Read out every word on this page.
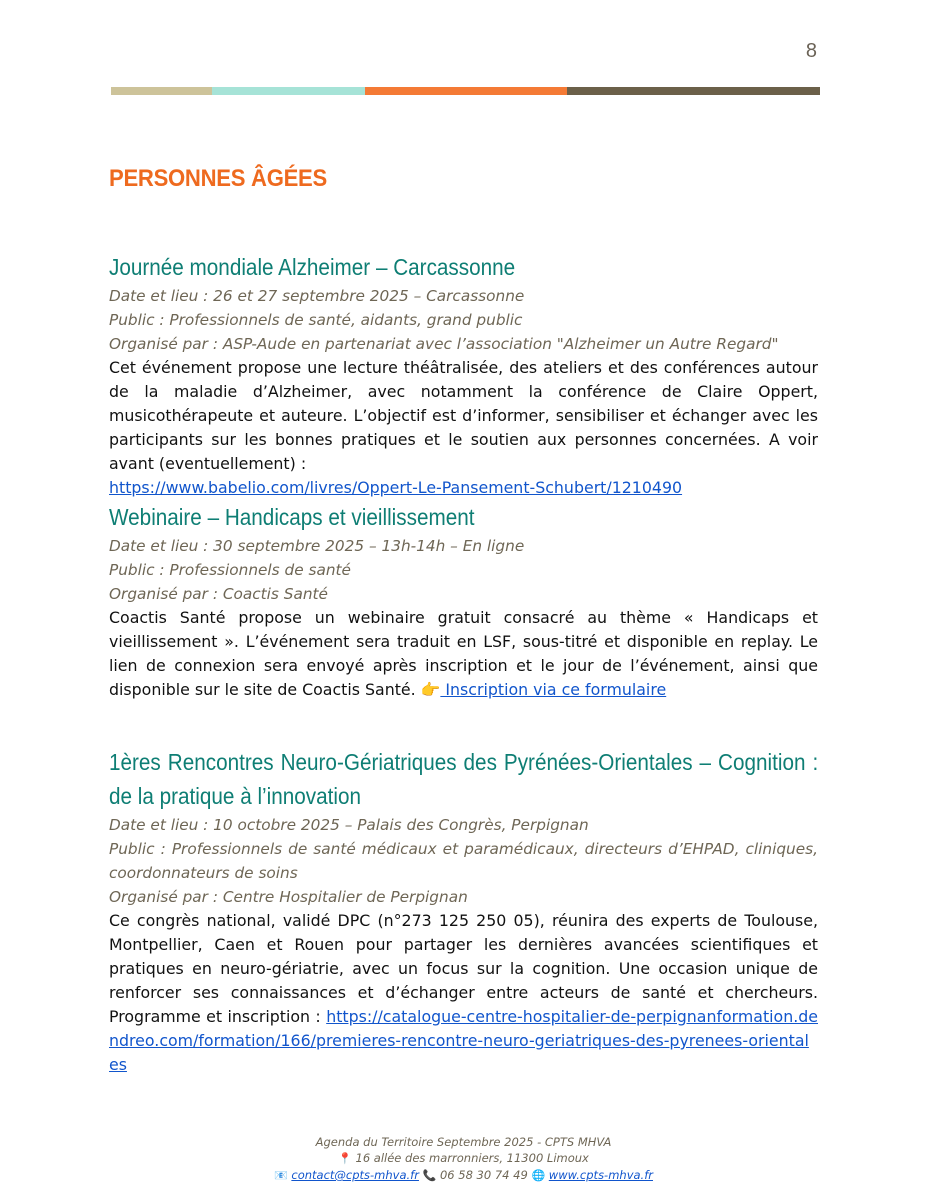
8
PERSONNES ÂGÉES
Journée mondiale Alzheimer – Carcassonne

Date et lieu : 26 et 27 septembre 2025 – Carcassonne

Public : Professionnels de santé, aidants, grand public

Organisé par : ASP-Aude en partenariat avec l’association "Alzheimer un Autre Regard"

Cet événement propose une lecture théâtralisée, des ateliers et des conférences autour de la maladie d’Alzheimer, avec notamment la conférence de Claire Oppert, musicothérapeute et auteure. L’objectif est d’informer, sensibiliser et échanger avec les participants sur les bonnes pratiques et le soutien aux personnes concernées. A voir avant (eventuellement) :
https://www.babelio.com/livres/Oppert-Le-Pansement-Schubert/1210490

Webinaire – Handicaps et vieillissement

Date et lieu : 30 septembre 2025 – 13h-14h – En ligne

Public : Professionnels de santé

Organisé par : Coactis Santé

Coactis Santé propose un webinaire gratuit consacré au thème « Handicaps et vieillissement ». L’événement sera traduit en LSF, sous-titré et disponible en replay. Le lien de connexion sera envoyé après inscription et le jour de l’événement, ainsi que disponible sur le site de Coactis Santé. 👉 Inscription via ce formulaire

1ères Rencontres Neuro-Gériatriques des Pyrénées-Orientales – Cognition : de la pratique à l’innovation

Date et lieu : 10 octobre 2025 – Palais des Congrès, Perpignan

Public : Professionnels de santé médicaux et paramédicaux, directeurs d’EHPAD, cliniques, coordonnateurs de soins

Organisé par : Centre Hospitalier de Perpignan

Ce congrès national, validé DPC (n°273 125 250 05), réunira des experts de Toulouse, Montpellier, Caen et Rouen pour partager les dernières avancées scientifiques et pratiques en neuro-gériatrie, avec un focus sur la cognition. Une occasion unique de renforcer ses connaissances et d’échanger entre acteurs de santé et chercheurs. Programme et inscription : https://catalogue-centre-hospitalier-de-perpignanformation.dendreo.com/formation/166/premieres-rencontre-neuro-geriatriques-des-pyrenees-orientales

Agenda du Territoire Septembre 2025 - CPTS MHVA
📍 16 allée des marronniers, 11300 Limoux
📧 contact@cpts-mhva.fr 📞 06 58 30 74 49 🌐 www.cpts-mhva.fr
